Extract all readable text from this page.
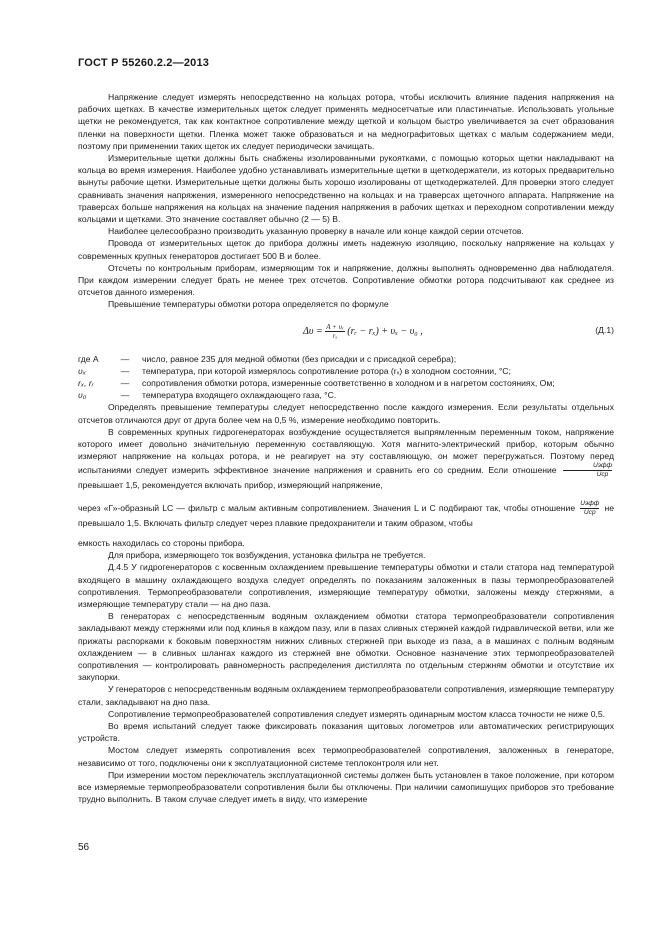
ГОСТ Р 55260.2.2—2013

Напряжение следует измерять непосредственно на кольцах ротора, чтобы исключить влияние падения напряжения на рабочих щетках. В качестве измерительных щеток следует применять медносетчатые или пластинчатые. Использовать угольные щетки не рекомендуется, так как контактное сопротивление между щеткой и кольцом быстро увеличивается за счет образования пленки на поверхности щетки. Пленка может также образоваться и на меднографитовых щетках с малым содержанием меди, поэтому при применении таких щеток их следует периодически зачищать.

Измерительные щетки должны быть снабжены изолированными рукоятками, с помощью которых щетки накладывают на кольца во время измерения. Наиболее удобно устанавливать измерительные щетки в щеткодержатели, из которых предварительно вынуты рабочие щетки. Измерительные щетки должны быть хорошо изолированы от щеткодержателей. Для проверки этого следует сравнивать значения напряжения, измеренного непосредственно на кольцах и на траверсах щеточного аппарата. Напряжение на траверсах больше напряжения на кольцах на значение падения напряжения в рабочих щетках и переходном сопротивлении между кольцами и щетками. Это значение составляет обычно (2 — 5) В.

Наиболее целесообразно производить указанную проверку в начале или конце каждой серии отсчетов.

Провода от измерительных щеток до прибора должны иметь надежную изоляцию, поскольку напряжение на кольцах у современных крупных генераторов достигает 500 В и более.

Отсчеты по контрольным приборам, измеряющим ток и напряжение, должны выполнять одновременно два наблюдателя. При каждом измерении следует брать не менее трех отсчетов. Сопротивление обмотки ротора подсчитывают как среднее из отсчетов данного измерения.

Превышение температуры обмотки ротора определяется по формуле

$\Delta\upsilon = \frac{\text{A + υₓ}}{\text{rₓ}}$ (rᵣ − rₓ) + υₓ − υ₀ ,	(Д.1)
где A	—	число, равное 235 для медной обмотки (без присадки и с присадкой серебра);
υₓ	—	температура, при которой измерялось сопротивление ротора (rₓ) в холодном состоянии, °С;
rₓ, rᵣ	—	сопротивления обмотки ротора, измеренные соответственно в холодном и в нагретом состояниях, Ом;
υ₀	—	температура входящего охлаждающего газа, °С.

Определять превышение температуры следует непосредственно после каждого измерения. Если результаты отдельных отсчетов отличаются друг от друга более чем на 0,5 %, измерение необходимо повторить.

В современных крупных гидрогенераторах возбуждение осуществляется выпрямленным переменным током, напряжение которого имеет довольно значительную переменную составляющую. Хотя магнито-электрический прибор, которым обычно измеряют напряжение на кольцах ротора, и не реагирует на эту составляющую, он может перегружаться. Поэтому перед испытаниями следует измерить эффективное значение напряжения и сравнить его со средним. Если отношение $\frac{\text{Uэфф}}{\text{Uср}}$
превышает 1,5, рекомендуется включать прибор, измеряющий напряжение,

через «Г»-образный LC — фильтр с малым активным сопротивлением. Значения L и С подбирают так, чтобы отношение $\frac{\text{Uэфф}}{\text{Uср}}$ не превышало 1,5. Включать фильтр следует через плавкие предохранители и таким образом, чтобы

емкость находилась со стороны прибора.

Для прибора, измеряющего ток возбуждения, установка фильтра не требуется.

Д.4.5 У гидрогенераторов с косвенным охлаждением превышение температуры обмотки и стали статора над температурой входящего в машину охлаждающего воздуха следует определять по показаниям заложенных в пазы термопреобразователей сопротивления. Термопреобразователи сопротивления, измеряющие температуру обмотки, заложены между стержнями, а измеряющие температуру стали — на дно паза.

В генераторах с непосредственным водяным охлаждением обмотки статора термопреобразователи сопротивления закладывают между стержнями или под клинья в каждом пазу, или в пазах сливных стержней каждой гидравлической ветви, или же прижаты распорками к боковым поверхностям нижних сливных стержней при выходе из паза, а в машинах с полным водяным охлаждением — в сливных шлангах каждого из стержней вне обмотки. Основное назначение этих термопреобразователей сопротивления — контролировать равномерность распределения дистиллята по отдельным стержням обмотки и отсутствие их закупорки.

У генераторов с непосредственным водяным охлаждением термопреобразователи сопротивления, измеряющие температуру стали, закладывают на дно паза.

Сопротивление термопреобразователей сопротивления следует измерять одинарным мостом класса точности не ниже 0,5.

Во время испытаний следует также фиксировать показания щитовых логометров или автоматических регистрирующих устройств.

Мостом следует измерять сопротивления всех термопреобразователей сопротивления, заложенных в генераторе, независимо от того, подключены они к эксплуатационной системе теплоконтроля или нет.

При измерении мостом переключатель эксплуатационной системы должен быть установлен в такое положение, при котором все измеряемые термопреобразователи сопротивления были бы отключены. При наличии самопишущих приборов это требование трудно выполнить. В таком случае следует иметь в виду, что измерение

56
